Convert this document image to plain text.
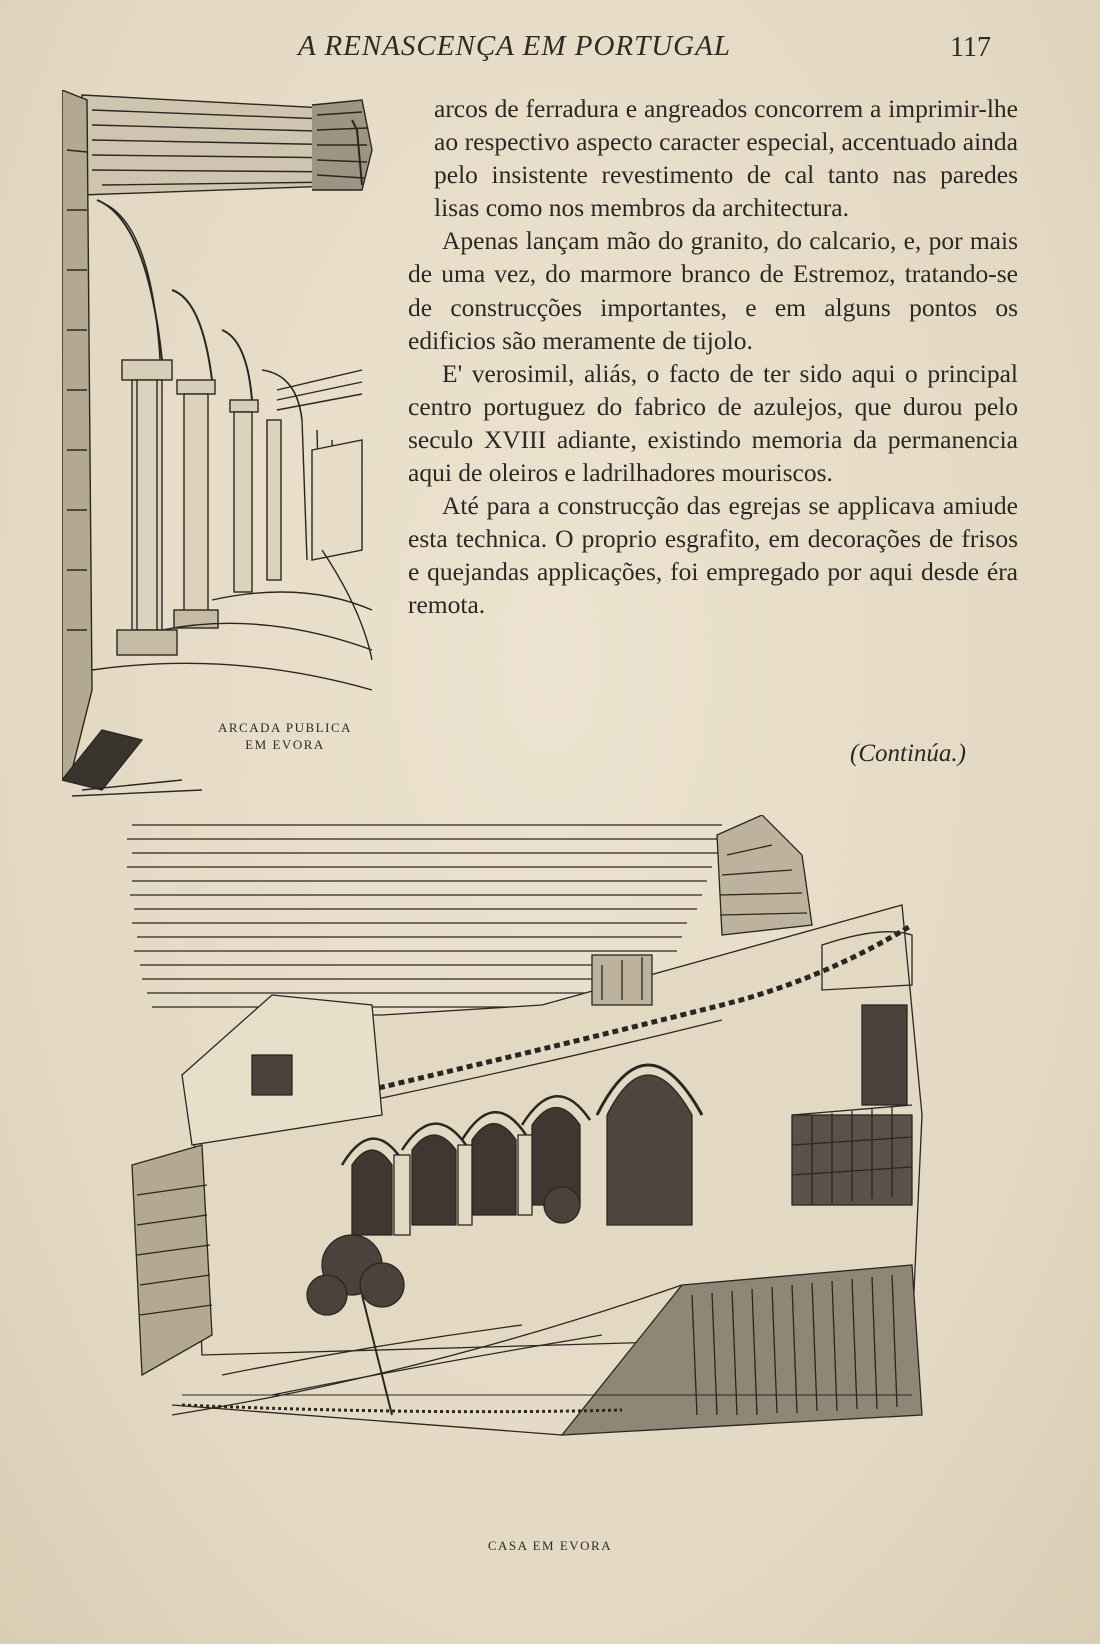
A RENASCENÇA EM PORTUGAL	117
ARCADA PUBLICA
EM EVORA

arcos de ferradura e angreados concorrem a imprimir-lhe ao respectivo aspecto caracter especial, accentuado ainda pelo insistente revestimento de cal tanto nas paredes lisas como nos membros da architectura.

Apenas lançam mão do granito, do calcario, e, por mais de uma vez, do marmore branco de Estremoz, tratando-se de construcções importantes, e em alguns pontos os edificios são meramente de tijolo.

E' verosimil, aliás, o facto de ter sido aqui o principal centro portuguez do fabrico de azulejos, que durou pelo seculo XVIII adiante, existindo memoria da permanencia aqui de oleiros e ladrilhadores mouriscos.

Até para a construcção das egrejas se applicava amiude esta technica. O proprio esgrafito, em decorações de frisos e quejandas applicações, foi empregado por aqui desde éra remota.

(Continúa.)
CASA EM EVORA
